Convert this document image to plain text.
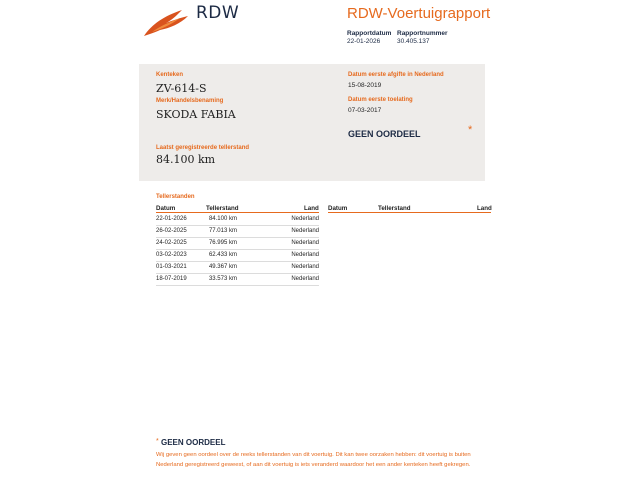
RDW	RDW-Voertuigrapport
Rapportdatum
22-01-2026
Rapportnummer
30.405.137
Kenteken
ZV-614-S
Merk/Handelsbenaming
SKODA FABIA
Laatst geregistreerde tellerstand
84.100 km
Datum eerste afgifte in Nederland
15-08-2019
Datum eerste toelating
07-03-2017
GEEN OORDEEL	*
Tellerstanden
Datum	Tellerstand	Land Datum	Tellerstand	Land
22-01-2026	84.100 km	Nederland
26-02-2025	77.013 km	Nederland
24-02-2025	76.995 km	Nederland
03-02-2023	62.433 km	Nederland
01-03-2021	49.367 km	Nederland
18-07-2019	33.573 km	Nederland
* GEEN OORDEEL
Wij geven geen oordeel over de reeks tellerstanden van dit voertuig. Dit kan twee oorzaken hebben: dit voertuig is buiten Nederland geregistreerd geweest, of aan dit voertuig is iets veranderd waardoor het een ander kenteken heeft gekregen.
